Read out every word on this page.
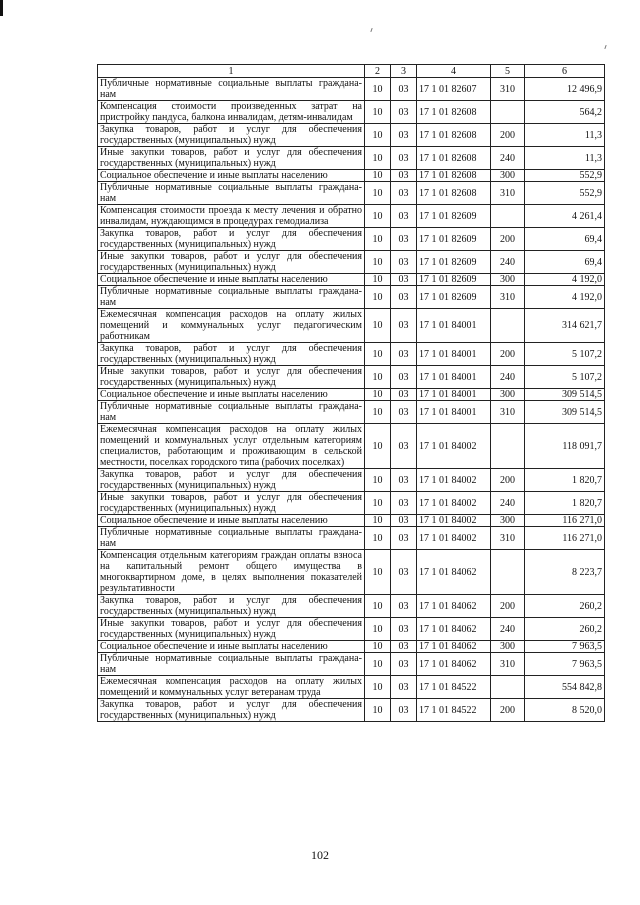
1	2	3	4	5	6
Публичные нормативные социальные выплаты граждана-нам	10	03	17 1 01 82607	310	12 496,9
Компенсация стоимости произведенных затрат на пристройку пандуса, балкона инвалидам, детям-инвалидам	10	03	17 1 01 82608		564,2
Закупка товаров, работ и услуг для обеспечения государственных (муниципальных) нужд	10	03	17 1 01 82608	200	11,3
Иные закупки товаров, работ и услуг для обеспечения государственных (муниципальных) нужд	10	03	17 1 01 82608	240	11,3
Социальное обеспечение и иные выплаты населению	10	03	17 1 01 82608	300	552,9
Публичные нормативные социальные выплаты граждана-нам	10	03	17 1 01 82608	310	552,9
Компенсация стоимости проезда к месту лечения и обратно инвалидам, нуждающимся в процедурах гемодиализа	10	03	17 1 01 82609		4 261,4
Закупка товаров, работ и услуг для обеспечения государственных (муниципальных) нужд	10	03	17 1 01 82609	200	69,4
Иные закупки товаров, работ и услуг для обеспечения государственных (муниципальных) нужд	10	03	17 1 01 82609	240	69,4
Социальное обеспечение и иные выплаты населению	10	03	17 1 01 82609	300	4 192,0
Публичные нормативные социальные выплаты граждана-нам	10	03	17 1 01 82609	310	4 192,0
Ежемесячная компенсация расходов на оплату жилых помещений и коммунальных услуг педагогическим работникам	10	03	17 1 01 84001		314 621,7
Закупка товаров, работ и услуг для обеспечения государственных (муниципальных) нужд	10	03	17 1 01 84001	200	5 107,2
Иные закупки товаров, работ и услуг для обеспечения государственных (муниципальных) нужд	10	03	17 1 01 84001	240	5 107,2
Социальное обеспечение и иные выплаты населению	10	03	17 1 01 84001	300	309 514,5
Публичные нормативные социальные выплаты граждана-нам	10	03	17 1 01 84001	310	309 514,5
Ежемесячная компенсация расходов на оплату жилых помещений и коммунальных услуг отдельным категориям специалистов, работающим и проживающим в сельской местности, поселках городского типа (рабочих поселках)	10	03	17 1 01 84002		118 091,7
Закупка товаров, работ и услуг для обеспечения государственных (муниципальных) нужд	10	03	17 1 01 84002	200	1 820,7
Иные закупки товаров, работ и услуг для обеспечения государственных (муниципальных) нужд	10	03	17 1 01 84002	240	1 820,7
Социальное обеспечение и иные выплаты населению	10	03	17 1 01 84002	300	116 271,0
Публичные нормативные социальные выплаты граждана-нам	10	03	17 1 01 84002	310	116 271,0
Компенсация отдельным категориям граждан оплаты взноса на капитальный ремонт общего имущества в многоквартирном доме, в целях выполнения показателей результативности	10	03	17 1 01 84062		8 223,7
Закупка товаров, работ и услуг для обеспечения государственных (муниципальных) нужд	10	03	17 1 01 84062	200	260,2
Иные закупки товаров, работ и услуг для обеспечения государственных (муниципальных) нужд	10	03	17 1 01 84062	240	260,2
Социальное обеспечение и иные выплаты населению	10	03	17 1 01 84062	300	7 963,5
Публичные нормативные социальные выплаты граждана-нам	10	03	17 1 01 84062	310	7 963,5
Ежемесячная компенсация расходов на оплату жилых помещений и коммунальных услуг ветеранам труда	10	03	17 1 01 84522		554 842,8
Закупка товаров, работ и услуг для обеспечения государственных (муниципальных) нужд	10	03	17 1 01 84522	200	8 520,0
102
